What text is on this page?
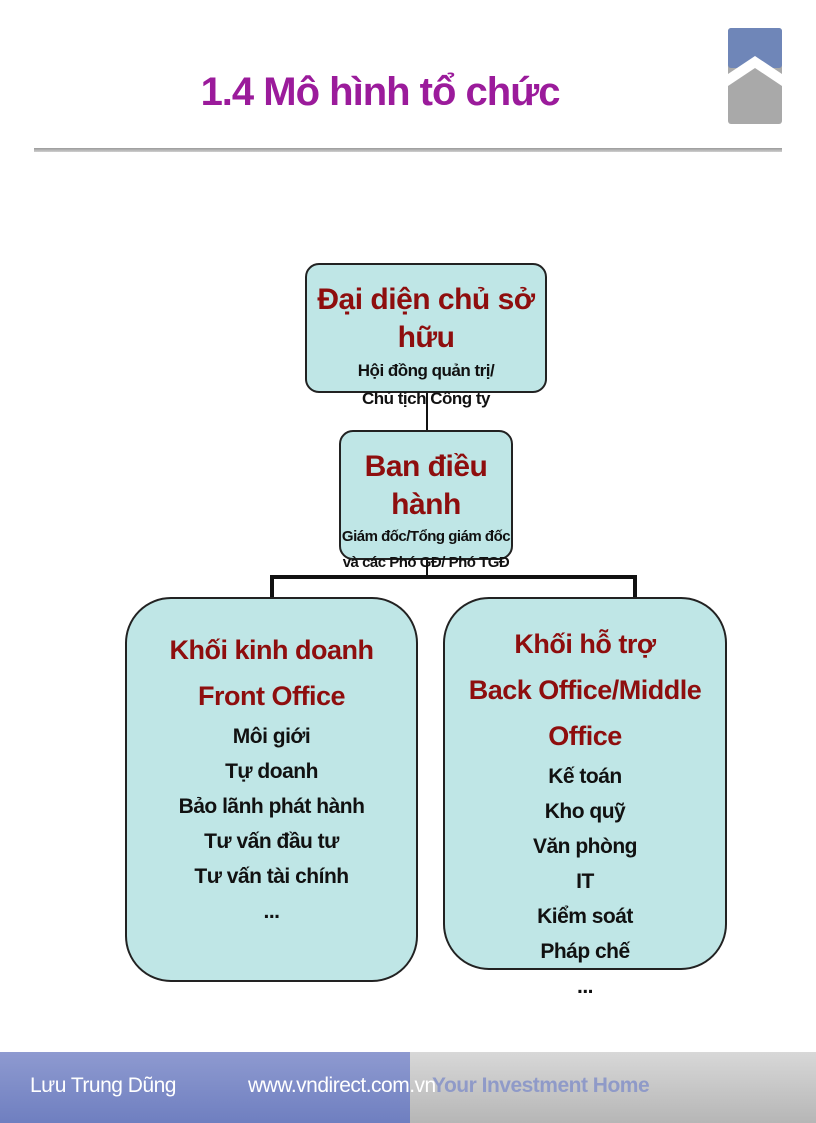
1.4 Mô hình tổ chức
Đại diện chủ sở hữu
Hội đồng quản trị/
Chủ tịch Công ty
Ban điều hành
Giám đốc/Tổng giám đốc
và các Phó GĐ/ Phó TGĐ
Khối kinh doanh
Front Office
Môi giới
Tự doanh
Bảo lãnh phát hành
Tư vấn đầu tư
Tư vấn tài chính
...
Khối hỗ trợ
Back Office/Middle Office
Kế toán
Kho quỹ
Văn phòng
IT
Kiểm soát
Pháp chế
...
Lưu Trung Dũng	www.vndirect.com.vn
Your Investment Home
